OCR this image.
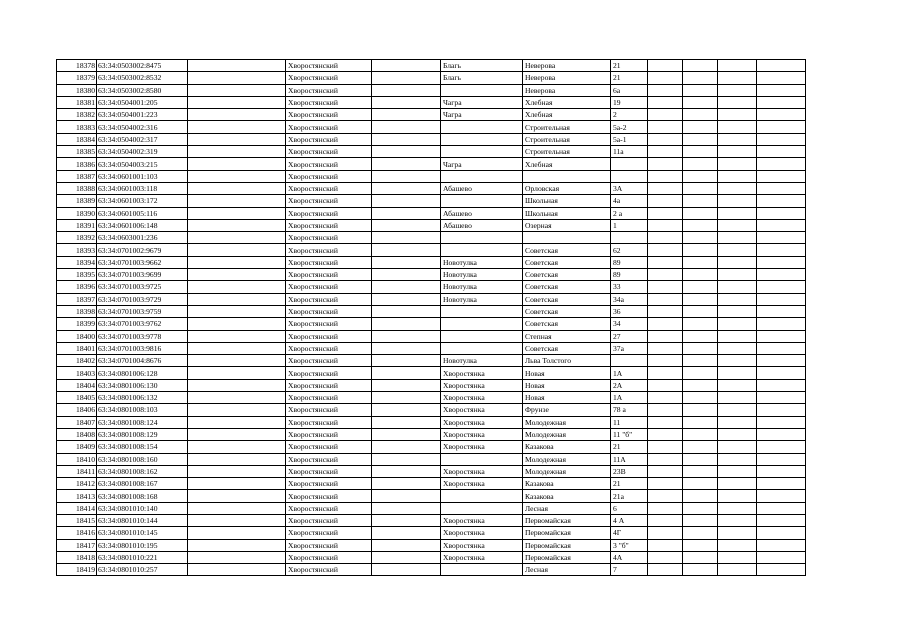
18378	63:34:0503002:8475		Хворостянский		Благь	Неверова	21				
18379	63:34:0503002:8532		Хворостянский		Благь	Неверова	21				
18380	63:34:0503002:8580		Хворостянский			Неверова	6а				
18381	63:34:0504001:205		Хворостянский		Чагра	Хлебная	19				
18382	63:34:0504001:223		Хворостянский		Чагра	Хлебная	2				
18383	63:34:0504002:316		Хворостянский			Строительная	5а-2				
18384	63:34:0504002:317		Хворостянский			Строительная	5а-1				
18385	63:34:0504002:319		Хворостянский			Строительная	11а				
18386	63:34:0504003:215		Хворостянский		Чагра	Хлебная					
18387	63:34:0601001:103		Хворостянский								
18388	63:34:0601003:118		Хворостянский		Абашево	Орловская	3А				
18389	63:34:0601003:172		Хворостянский			Школьная	4а				
18390	63:34:0601005:116		Хворостянский		Абашево	Школьная	2 а				
18391	63:34:0601006:148		Хворостянский		Абашево	Озерная	1				
18392	63:34:0603001:236		Хворостянский								
18393	63:34:0701002:9679		Хворостянский			Советская	62				
18394	63:34:0701003:9662		Хворостянский		Новотулка	Советская	89				
18395	63:34:0701003:9699		Хворостянский		Новотулка	Советская	89				
18396	63:34:0701003:9725		Хворостянский		Новотулка	Советская	33				
18397	63:34:0701003:9729		Хворостянский		Новотулка	Советская	34а				
18398	63:34:0701003:9759		Хворостянский			Советская	36				
18399	63:34:0701003:9762		Хворостянский			Советская	34				
18400	63:34:0701003:9778		Хворостянский			Степная	27				
18401	63:34:0701003:9816		Хворостянский			Советская	37а				
18402	63:34:0701004:8676		Хворостянский		Новотулка	Льва Толстого					
18403	63:34:0801006:128		Хворостянский		Хворостянка	Новая	1А				
18404	63:34:0801006:130		Хворостянский		Хворостянка	Новая	2А				
18405	63:34:0801006:132		Хворостянский		Хворостянка	Новая	1А				
18406	63:34:0801008:103		Хворостянский		Хворостянка	Фрунзе	78 а				
18407	63:34:0801008:124		Хворостянский		Хворостянка	Молодежная	11				
18408	63:34:0801008:129		Хворостянский		Хворостянка	Молодежная	11 "б"				
18409	63:34:0801008:154		Хворостянский		Хворостянка	Казакова	21				
18410	63:34:0801008:160		Хворостянский			Молодежная	11А				
18411	63:34:0801008:162		Хворостянский		Хворостянка	Молодежная	23В				
18412	63:34:0801008:167		Хворостянский		Хворостянка	Казакова	21				
18413	63:34:0801008:168		Хворостянский			Казакова	21а				
18414	63:34:0801010:140		Хворостянский			Лесная	6				
18415	63:34:0801010:144		Хворостянский		Хворостянка	Первомайская	4 А				
18416	63:34:0801010:145		Хворостянский		Хворостянка	Первомайская	4Г				
18417	63:34:0801010:195		Хворостянский		Хворостянка	Первомайская	3 "б"				
18418	63:34:0801010:221		Хворостянский		Хворостянка	Первомайская	4А				
18419	63:34:0801010:257		Хворостянский			Лесная	7				
